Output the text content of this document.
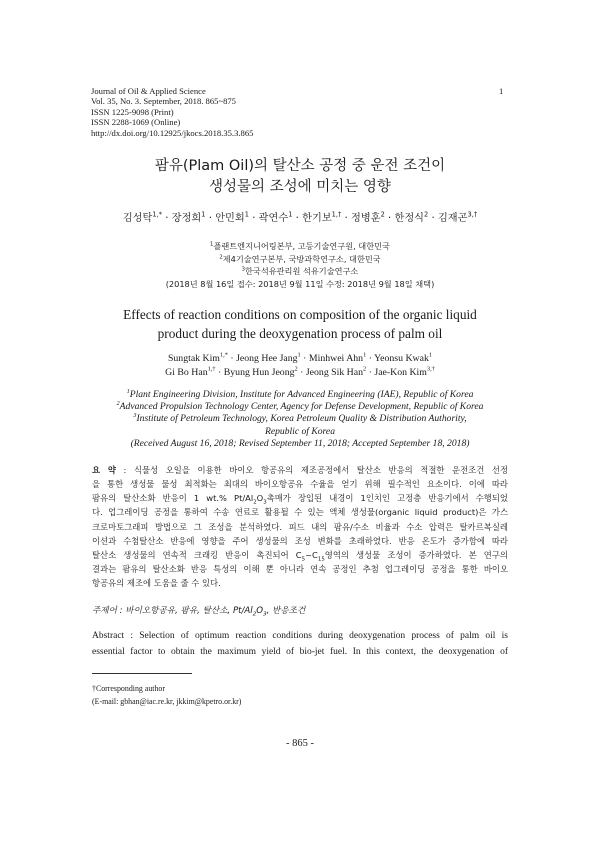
Journal of Oil & Applied Science
Vol. 35, No. 3. September, 2018. 865~875
ISSN 1225-9098 (Print)
ISSN 2288-1069 (Online)
http://dx.doi.org/10.12925/jkocs.2018.35.3.865
1
팜유(Plam Oil)의 탈산소 공정 중 운전 조건이
생성물의 조성에 미치는 영향
김성탁$^{1,*}$ · 장정희$^1$ · 안민회$^1$ · 곽연수$^1$ · 한기보$^{1,\dagger}$ · 정병훈$^2$ · 한정식$^2$ · 김재곤$^{3,\dagger}$
$^1$플랜트엔지니어링본부, 고등기술연구원, 대한민국
$^2$제4기술연구본부, 국방과학연구소, 대한민국
$^3$한국석유관리원 석유기술연구소
(2018년 8월 16일 접수: 2018년 9월 11일 수정: 2018년 9월 18일 채택)
Effects of reaction conditions on composition of the organic liquid
product during the deoxygenation process of palm oil
Sungtak Kim$^{1,*}$ · Jeong Hee Jang$^1$ · Minhwei Ahn$^1$ · Yeonsu Kwak$^1$
Gi Bo Han$^{1,\dagger}$ · Byung Hun Jeong$^2$ · Jeong Sik Han$^2$ · Jae-Kon Kim$^{3,\dagger}$
$^1$Plant Engineering Division, Institute for Advanced Engineering (IAE), Republic of Korea
$^2$Advanced Propulsion Technology Center, Agency for Defense Development, Republic of Korea
$^3$Institute of Petroleum Technology, Korea Petroleum Quality & Distribution Authority,
Republic of Korea
(Received August 16, 2018; Revised September 11, 2018; Accepted September 18, 2018)
요 약 : 식물성 오일을 이용한 바이오 항공유의 제조공정에서 탈산소 반응의 적절한 운전조건 선정
을 통한 생성물 물성 최적화는 최대의 바이오항공유 수율을 얻기 위해 필수적인 요소이다. 이에 따라
팜유의 탈산소화 반응이 1 wt.% $Pt/Al_2O_3$촉매가 장입된 내경이 1인치인 고정층 반응기에서 수행되었
다. 업그레이딩 공정을 통하여 수송 연료로 활용될 수 있는 액체 생성물(organic liquid product)은 가스
크로마토그래피 방법으로 그 조성을 분석하였다. 피드 내의 팜유/수소 비율과 수소 압력은 탈카르복실레
이션과 수첨탈산소 반응에 영향을 주어 생성물의 조성 변화를 초래하였다. 반응 온도가 증가함에 따라
탈산소 생성물의 연속적 크래킹 반응이 촉진되어 $C_5\sim C_{15}$영역의 생성물 조성이 증가하였다. 본 연구의
결과는 팜유의 탈산소화 반응 특성의 이해 뿐 아니라 연속 공정인 추첨 업그레이딩 공정을 통한 바이오
항공유의 제조에 도움을 줄 수 있다.
주제어 : 바이오항공유, 팜유, 탈산소, $Pt/Al_2O_3$, 반응조건
Abstract : Selection of optimum reaction conditions during deoxygenation process of palm oil is
essential factor to obtain the maximum yield of bio-jet fuel. In this context, the deoxygenation of
†Corresponding author
(E-mail: gbhan@iac.re.kr, jkkim@kpetro.or.kr)
- 865 -
